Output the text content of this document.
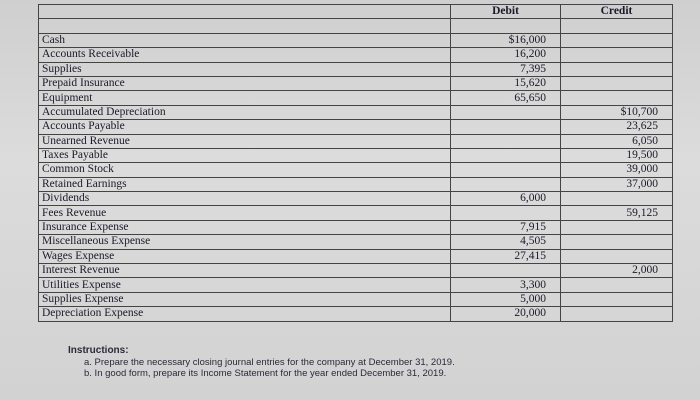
	Debit	Credit

Cash	$16,000	
Accounts Receivable	16,200	
Supplies	7,395	
Prepaid Insurance	15,620	
Equipment	65,650	
Accumulated Depreciation		$10,700
Accounts Payable		23,625
Unearned Revenue		6,050
Taxes Payable		19,500
Common Stock		39,000
Retained Earnings		37,000
Dividends	6,000	
Fees Revenue		59,125
Insurance Expense	7,915	
Miscellaneous Expense	4,505	
Wages Expense	27,415	
Interest Revenue		2,000
Utilities Expense	3,300	
Supplies Expense	5,000	
Depreciation Expense	20,000	
Instructions:
a. Prepare the necessary closing journal entries for the company at December 31, 2019.
b. In good form, prepare its Income Statement for the year ended December 31, 2019.
